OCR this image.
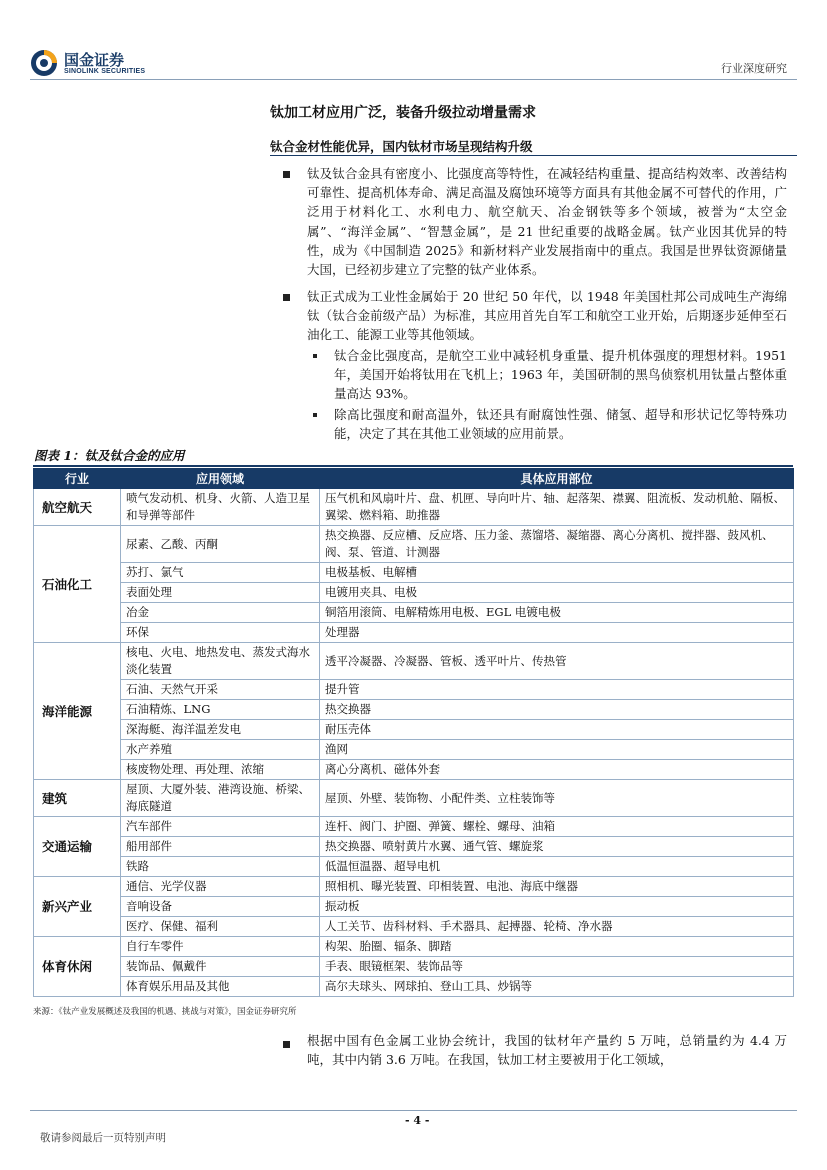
国金证券
SINOLINK SECURITIES	行业深度研究
钛加工材应用广泛，装备升级拉动增量需求
钛合金材性能优异，国内钛材市场呈现结构升级
钛及钛合金具有密度小、比强度高等特性，在减轻结构重量、提高结构效率、改善结构可靠性、提高机体寿命、满足高温及腐蚀环境等方面具有其他金属不可替代的作用，广泛用于材料化工、水利电力、航空航天、冶金钢铁等多个领域，被誉为“太空金属”、“海洋金属”、“智慧金属”，是 21 世纪重要的战略金属。钛产业因其优异的特性，成为《中国制造 2025》和新材料产业发展指南中的重点。我国是世界钛资源储量大国，已经初步建立了完整的钛产业体系。
钛正式成为工业性金属始于 20 世纪 50 年代，以 1948 年美国杜邦公司成吨生产海绵钛（钛合金前级产品）为标准，其应用首先自军工和航空工业开始，后期逐步延伸至石油化工、能源工业等其他领域。
钛合金比强度高，是航空工业中减轻机身重量、提升机体强度的理想材料。1951 年，美国开始将钛用在飞机上；1963 年，美国研制的黑鸟侦察机用钛量占整体重量高达 93%。
除高比强度和耐高温外，钛还具有耐腐蚀性强、储氢、超导和形状记忆等特殊功能，决定了其在其他工业领域的应用前景。
图表 1：钛及钛合金的应用
行业	应用领域	具体应用部位
航空航天	喷气发动机、机身、火箭、人造卫星和导弹等部件	压气机和风扇叶片、盘、机匣、导向叶片、轴、起落架、襟翼、阻流板、发动机舱、隔板、翼梁、燃料箱、助推器
石油化工	尿素、乙酸、丙酮	热交换器、反应槽、反应塔、压力釜、蒸馏塔、凝缩器、离心分离机、搅拌器、鼓风机、阀、泵、管道、计测器
	苏打、氯气	电极基板、电解槽
	表面处理	电镀用夹具、电极
	冶金	铜箔用滚筒、电解精炼用电极、EGL 电镀电极
	环保	处理器
海洋能源	核电、火电、地热发电、蒸发式海水淡化装置	透平冷凝器、冷凝器、管板、透平叶片、传热管
	石油、天然气开采	提升管
	石油精炼、LNG	热交换器
	深海艇、海洋温差发电	耐压壳体
	水产养殖	渔网
	核废物处理、再处理、浓缩	离心分离机、磁体外套
建筑	屋顶、大厦外装、港湾设施、桥梁、海底隧道	屋顶、外壁、装饰物、小配件类、立柱装饰等
交通运输	汽车部件	连杆、阀门、护圈、弹簧、螺栓、螺母、油箱
	船用部件	热交换器、喷射黄片水翼、通气管、螺旋浆
	铁路	低温恒温器、超导电机
新兴产业	通信、光学仪器	照相机、曝光装置、印相装置、电池、海底中继器
	音响设备	振动板
	医疗、保健、福利	人工关节、齿科材料、手术器具、起搏器、轮椅、净水器
体育休闲	自行车零件	构架、胎圈、辐条、脚踏
	装饰品、佩戴件	手表、眼镜框架、装饰品等
	体育娱乐用品及其他	高尔夫球头、网球拍、登山工具、炒锅等
来源：《钛产业发展概述及我国的机遇、挑战与对策》，国金证券研究所
根据中国有色金属工业协会统计，我国的钛材年产量约 5 万吨，总销量约为 4.4 万吨，其中内销 3.6 万吨。在我国，钛加工材主要被用于化工领域，
- 4 -
敬请参阅最后一页特别声明
